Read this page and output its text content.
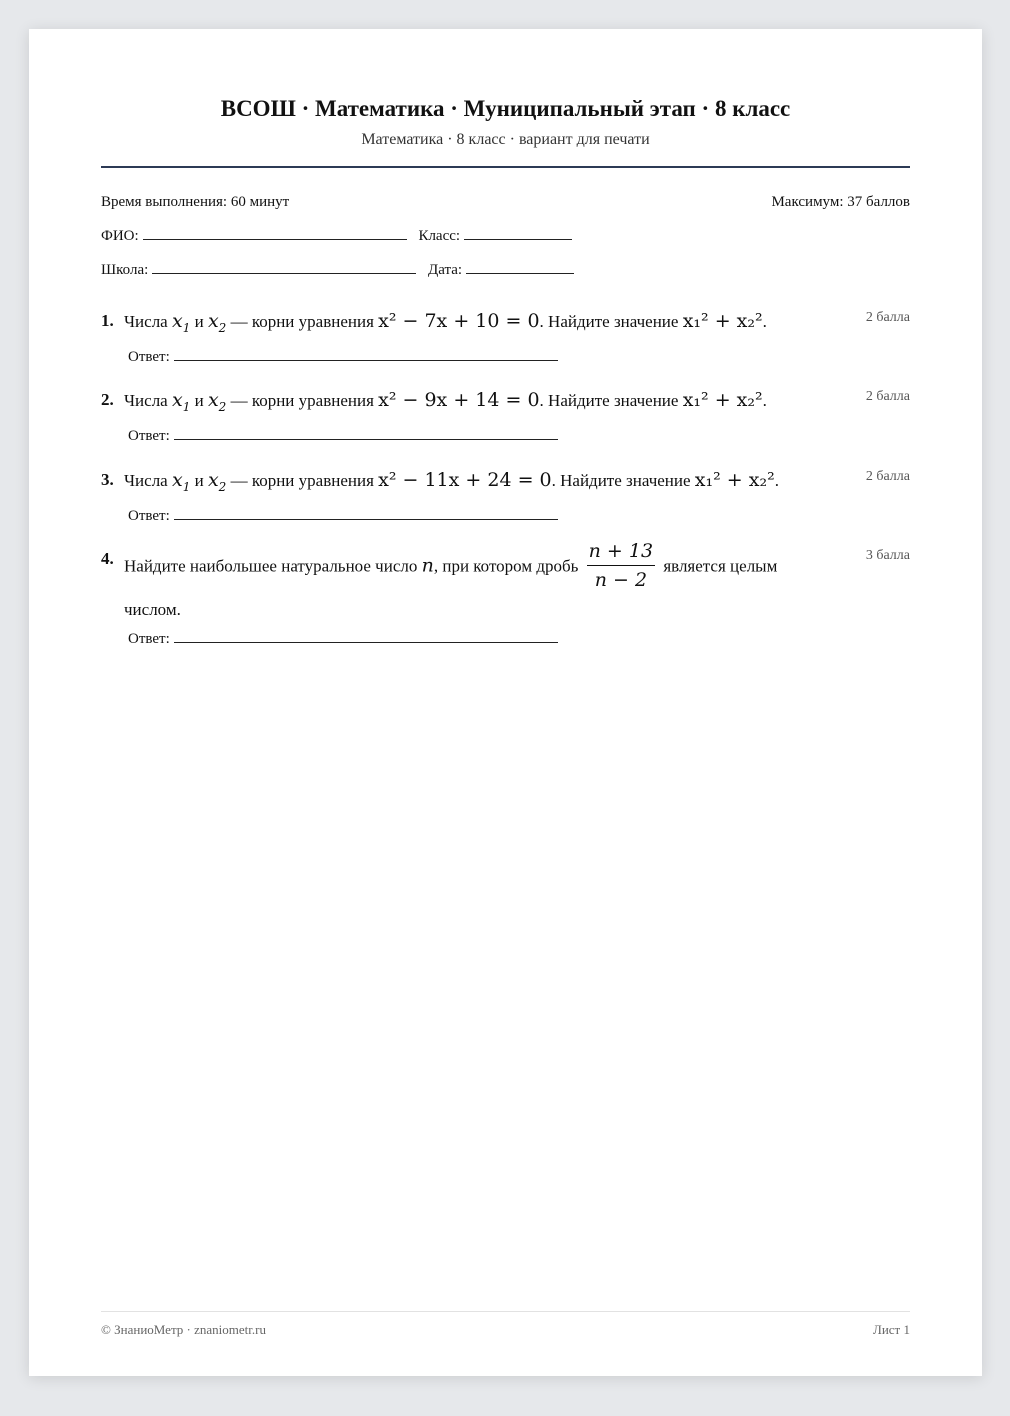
ВСОШ · Математика · Муниципальный этап · 8 класс
Математика · 8 класс · вариант для печати
Время выполнения: 60 минут	Максимум: 37 баллов
ФИО:	Класс:
Школа:	Дата:
1. Числа $x_1$ и $x_2$ — корни уравнения x² − 7x + 10 = 0. Найдите значение x₁² + x₂².	2 балла
Ответ:
2. Числа $x_1$ и $x_2$ — корни уравнения x² − 9x + 14 = 0. Найдите значение x₁² + x₂².	2 балла
Ответ:
3. Числа $x_1$ и $x_2$ — корни уравнения x² − 11x + 24 = 0. Найдите значение x₁² + x₂².	2 балла
Ответ:
4. Найдите наибольшее натуральное число n, при котором дробь $\frac{n + 13}{n - 2}$ является целым
числом.
3 балла
Ответ:
© ЗнаниоМетр · znaniometr.ru	Лист 1
